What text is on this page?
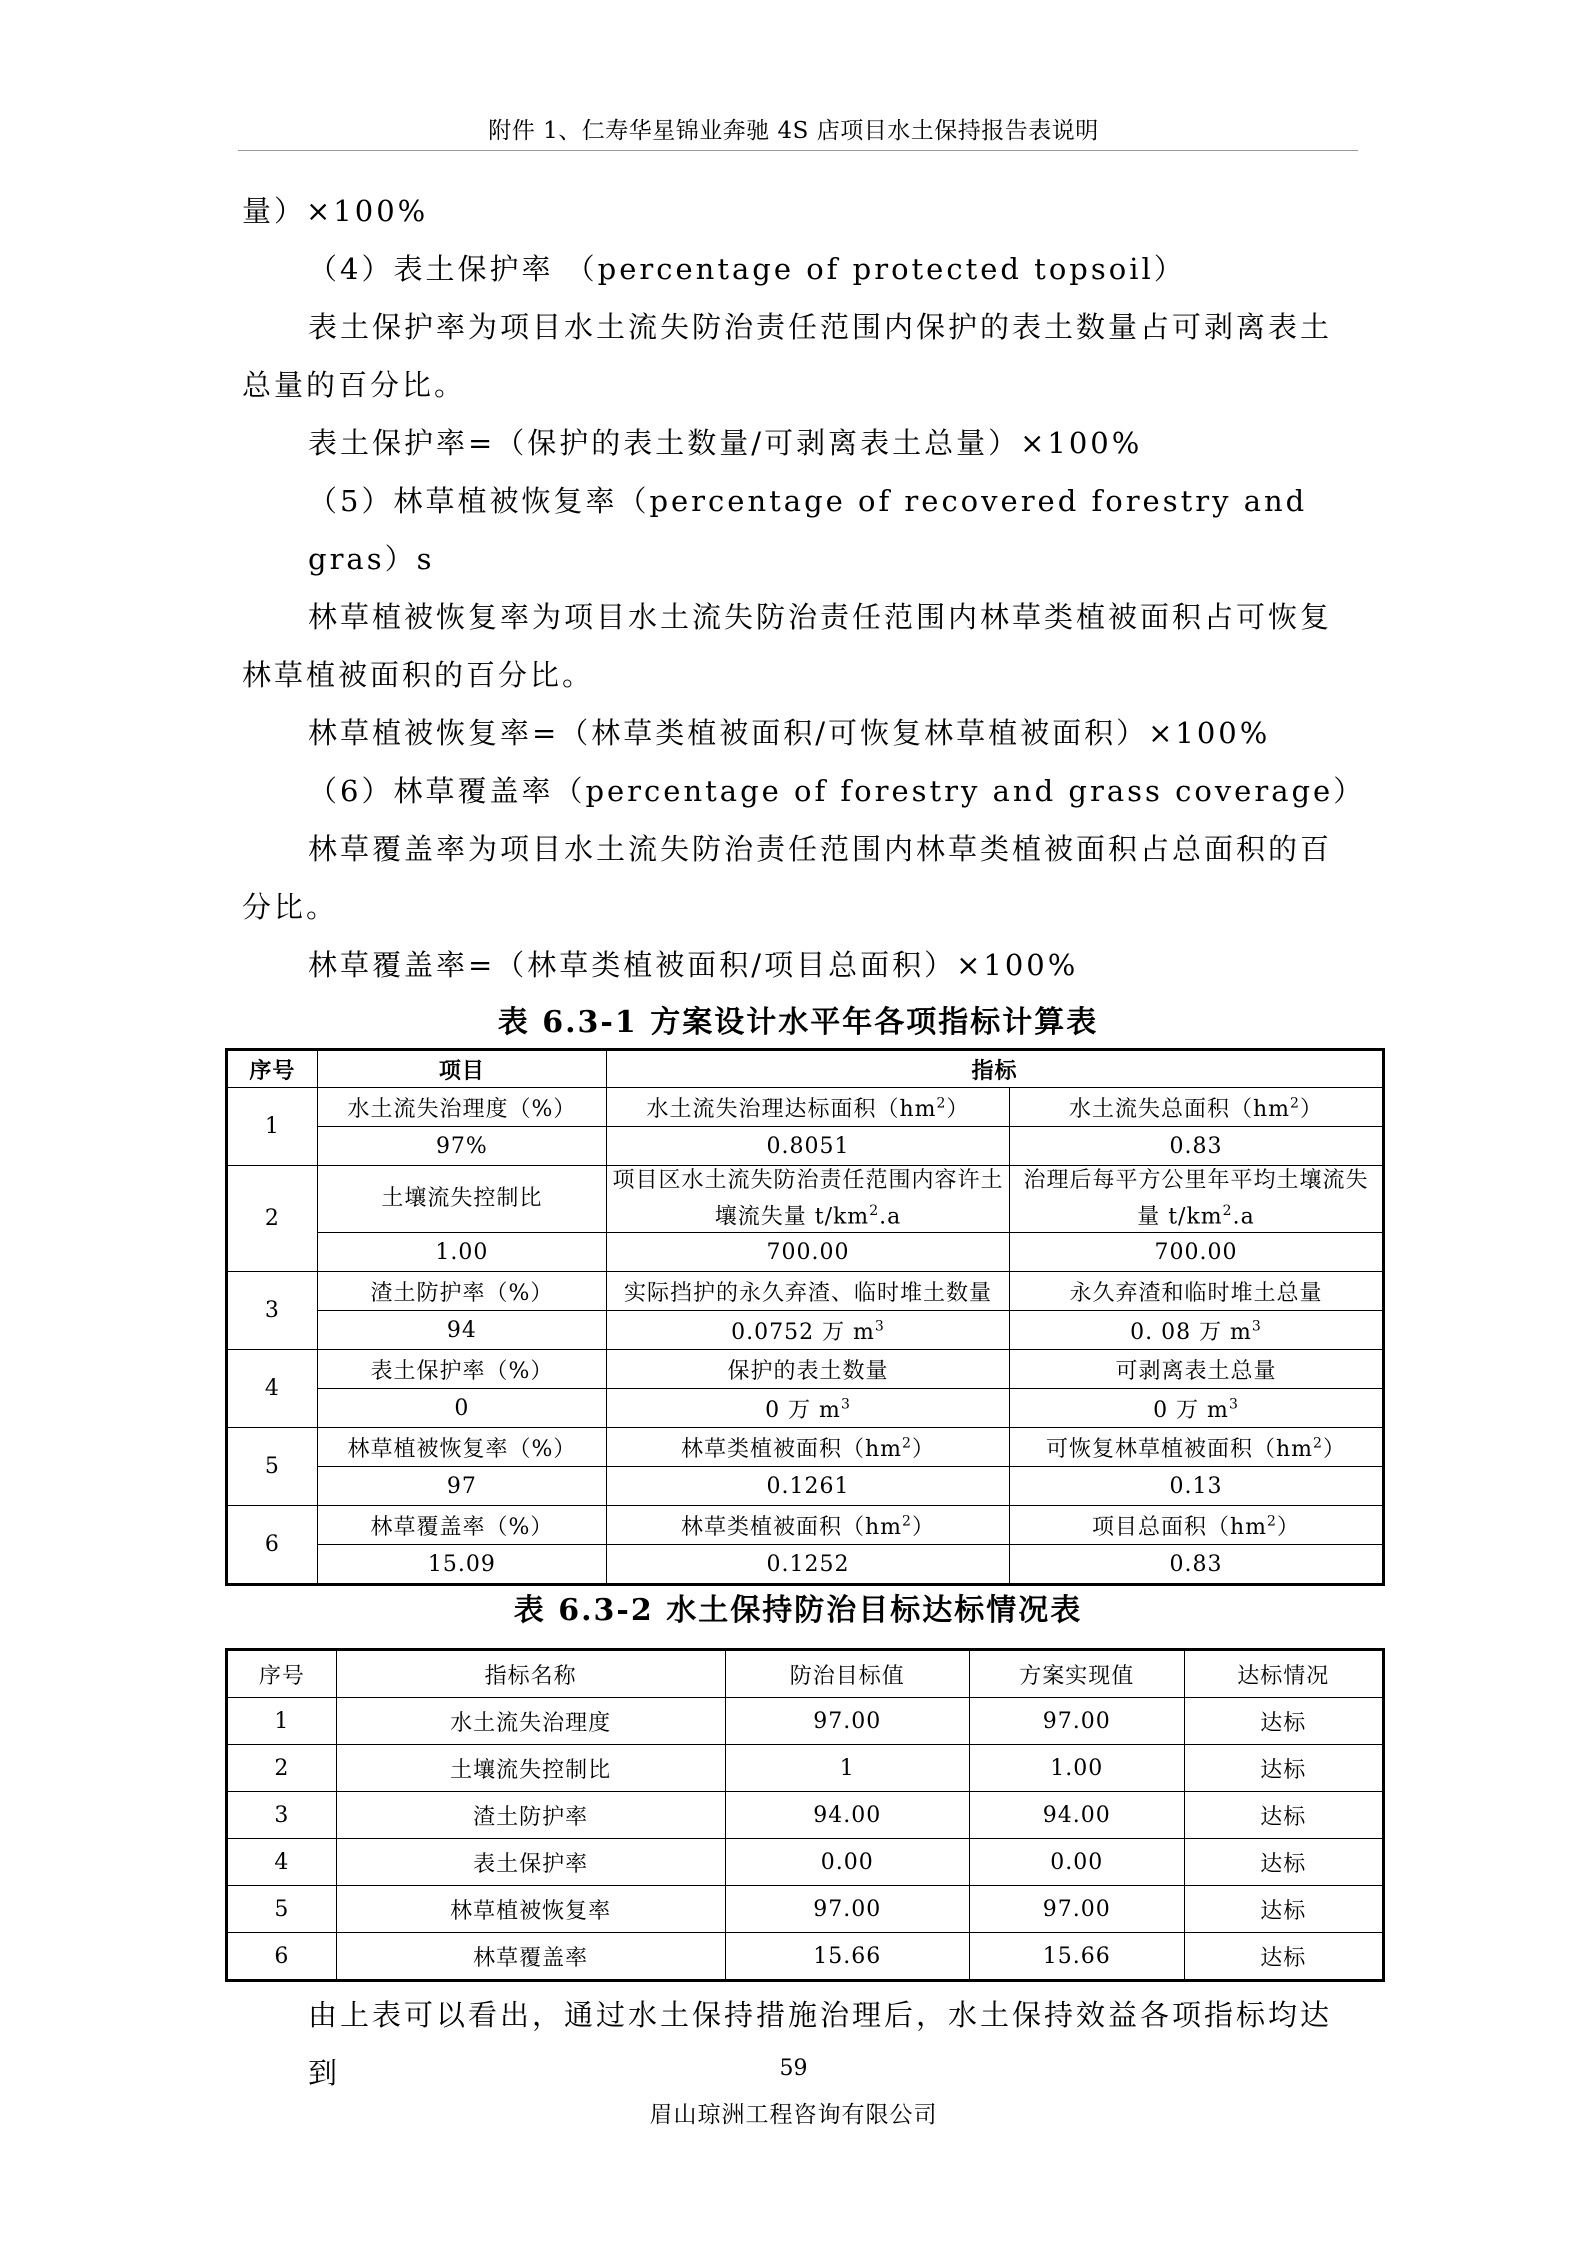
附件 1、仁寿华星锦业奔驰 4S 店项目水土保持报告表说明

量）×100%

（4）表土保护率 （percentage of protected topsoil）

表土保护率为项目水土流失防治责任范围内保护的表土数量占可剥离表土

总量的百分比。

表土保护率=（保护的表土数量/可剥离表土总量）×100%

（5）林草植被恢复率（percentage of recovered forestry and gras）s

林草植被恢复率为项目水土流失防治责任范围内林草类植被面积占可恢复

林草植被面积的百分比。

林草植被恢复率=（林草类植被面积/可恢复林草植被面积）×100%

（6）林草覆盖率（percentage of forestry and grass coverage）

林草覆盖率为项目水土流失防治责任范围内林草类植被面积占总面积的百

分比。

林草覆盖率=（林草类植被面积/项目总面积）×100%

表 6.3-1 方案设计水平年各项指标计算表
序号	项目	指标	
1	水土流失治理度（%）	水土流失治理达标面积$(hm^2)$	水土流失总面积$(hm^2)$
	97%	0.8051	0.83
2	土壤流失控制比	项目区水土流失防治责任范围内容许土壤流失量 $t/km^2.a$	治理后每平方公里年平均土壤流失量 $t/km^2.a$
	1.00	700.00	700.00
3	渣土防护率（%）	实际挡护的永久弃渣、临时堆土数量	永久弃渣和临时堆土总量
	94	0.0752 万 $m^3$	0. 08 万 $m^3$
4	表土保护率（%）	保护的表土数量	可剥离表土总量
	0	0 万 $m^3$	0 万 $m^3$
5	林草植被恢复率（%）	林草类植被面积$(hm^2)$	可恢复林草植被面积$(hm^2)$
	97	0.1261	0.13
6	林草覆盖率（%）	林草类植被面积$(hm^2)$	项目总面积$(hm^2)$
	15.09	0.1252	0.83
表 6.3-2 水土保持防治目标达标情况表
序号	指标名称	防治目标值	方案实现值	达标情况
1	水土流失治理度	97.00	97.00	达标
2	土壤流失控制比	1	1.00	达标
3	渣土防护率	94.00	94.00	达标
4	表土保护率	0.00	0.00	达标
5	林草植被恢复率	97.00	97.00	达标
6	林草覆盖率	15.66	15.66	达标

由上表可以看出，通过水土保持措施治理后，水土保持效益各项指标均达到	59
眉山琼洲工程咨询有限公司
